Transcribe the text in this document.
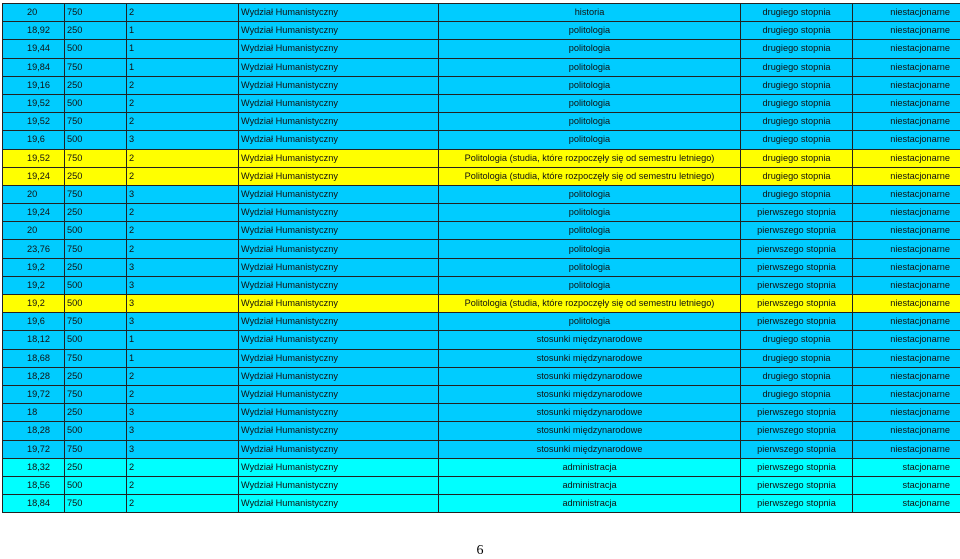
20	750	2	Wydział Humanistyczny	historia	drugiego stopnia	niestacjonarne
18,92	250	1	Wydział Humanistyczny	politologia	drugiego stopnia	niestacjonarne
19,44	500	1	Wydział Humanistyczny	politologia	drugiego stopnia	niestacjonarne
19,84	750	1	Wydział Humanistyczny	politologia	drugiego stopnia	niestacjonarne
19,16	250	2	Wydział Humanistyczny	politologia	drugiego stopnia	niestacjonarne
19,52	500	2	Wydział Humanistyczny	politologia	drugiego stopnia	niestacjonarne
19,52	750	2	Wydział Humanistyczny	politologia	drugiego stopnia	niestacjonarne
19,6	500	3	Wydział Humanistyczny	politologia	drugiego stopnia	niestacjonarne
19,52	750	2	Wydział Humanistyczny	Politologia (studia, które rozpoczęły się od semestru letniego)	drugiego stopnia	niestacjonarne
19,24	250	2	Wydział Humanistyczny	Politologia (studia, które rozpoczęły się od semestru letniego)	drugiego stopnia	niestacjonarne
20	750	3	Wydział Humanistyczny	politologia	drugiego stopnia	niestacjonarne
19,24	250	2	Wydział Humanistyczny	politologia	pierwszego stopnia	niestacjonarne
20	500	2	Wydział Humanistyczny	politologia	pierwszego stopnia	niestacjonarne
23,76	750	2	Wydział Humanistyczny	politologia	pierwszego stopnia	niestacjonarne
19,2	250	3	Wydział Humanistyczny	politologia	pierwszego stopnia	niestacjonarne
19,2	500	3	Wydział Humanistyczny	politologia	pierwszego stopnia	niestacjonarne
19,2	500	3	Wydział Humanistyczny	Politologia (studia, które rozpoczęły się od semestru letniego)	pierwszego stopnia	niestacjonarne
19,6	750	3	Wydział Humanistyczny	politologia	pierwszego stopnia	niestacjonarne
18,12	500	1	Wydział Humanistyczny	stosunki międzynarodowe	drugiego stopnia	niestacjonarne
18,68	750	1	Wydział Humanistyczny	stosunki międzynarodowe	drugiego stopnia	niestacjonarne
18,28	250	2	Wydział Humanistyczny	stosunki międzynarodowe	drugiego stopnia	niestacjonarne
19,72	750	2	Wydział Humanistyczny	stosunki międzynarodowe	drugiego stopnia	niestacjonarne
18	250	3	Wydział Humanistyczny	stosunki międzynarodowe	pierwszego stopnia	niestacjonarne
18,28	500	3	Wydział Humanistyczny	stosunki międzynarodowe	pierwszego stopnia	niestacjonarne
19,72	750	3	Wydział Humanistyczny	stosunki międzynarodowe	pierwszego stopnia	niestacjonarne
18,32	250	2	Wydział Humanistyczny	administracja	pierwszego stopnia	stacjonarne
18,56	500	2	Wydział Humanistyczny	administracja	pierwszego stopnia	stacjonarne
18,84	750	2	Wydział Humanistyczny	administracja	pierwszego stopnia	stacjonarne
6
